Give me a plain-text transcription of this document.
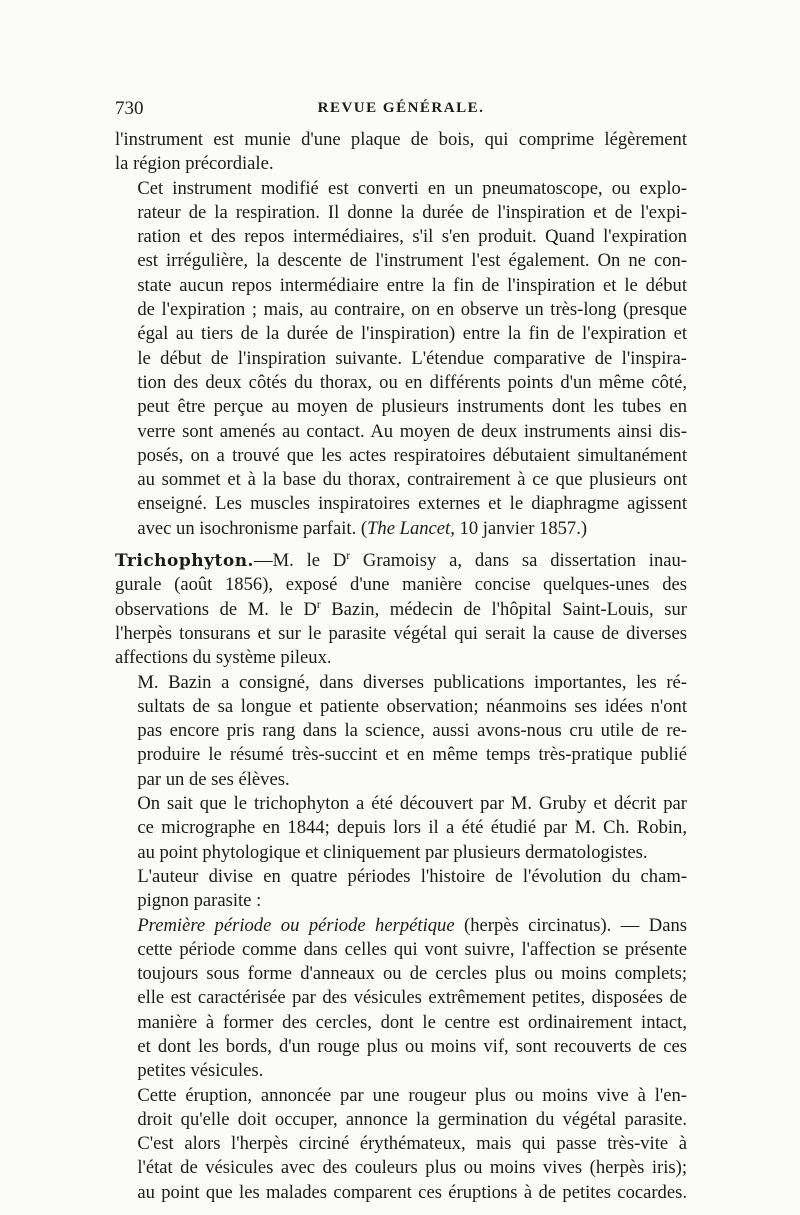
730	REVUE GÉNÉRALE.

l'instrument est munie d'une plaque de bois, qui comprime légèrement
la région précordiale.

Cet instrument modifié est converti en un pneumatoscope, ou explo-
rateur de la respiration. Il donne la durée de l'inspiration et de l'expi-
ration et des repos intermédiaires, s'il s'en produit. Quand l'expiration
est irrégulière, la descente de l'instrument l'est également. On ne con-
state aucun repos intermédiaire entre la fin de l'inspiration et le début
de l'expiration ; mais, au contraire, on en observe un très-long (presque
égal au tiers de la durée de l'inspiration) entre la fin de l'expiration et
le début de l'inspiration suivante. L'étendue comparative de l'inspira-
tion des deux côtés du thorax, ou en différents points d'un même côté,
peut être perçue au moyen de plusieurs instruments dont les tubes en
verre sont amenés au contact. Au moyen de deux instruments ainsi dis-
posés, on a trouvé que les actes respiratoires débutaient simultanément
au sommet et à la base du thorax, contrairement à ce que plusieurs ont
enseigné. Les muscles inspiratoires externes et le diaphragme agissent
avec un isochronisme parfait. (The Lancet, 10 janvier 1857.)

Trichophyton.—M. le $D^r$ Gramoisy a, dans sa dissertation inau-
gurale (août 1856), exposé d'une manière concise quelques-unes des
observations de M. le $D^r$ Bazin, médecin de l'hôpital Saint-Louis, sur
l'herpès tonsurans et sur le parasite végétal qui serait la cause de diverses
affections du système pileux.

M. Bazin a consigné, dans diverses publications importantes, les ré-
sultats de sa longue et patiente observation; néanmoins ses idées n'ont
pas encore pris rang dans la science, aussi avons-nous cru utile de re-
produire le résumé très-succint et en même temps très-pratique publié
par un de ses élèves.

On sait que le trichophyton a été découvert par M. Gruby et décrit par
ce micrographe en 1844; depuis lors il a été étudié par M. Ch. Robin,
au point phytologique et cliniquement par plusieurs dermatologistes.

L'auteur divise en quatre périodes l'histoire de l'évolution du cham-
pignon parasite :

Première période ou période herpétique (herpès circinatus). — Dans
cette période comme dans celles qui vont suivre, l'affection se présente
toujours sous forme d'anneaux ou de cercles plus ou moins complets;
elle est caractérisée par des vésicules extrêmement petites, disposées de
manière à former des cercles, dont le centre est ordinairement intact,
et dont les bords, d'un rouge plus ou moins vif, sont recouverts de ces
petites vésicules.

Cette éruption, annoncée par une rougeur plus ou moins vive à l'en-
droit qu'elle doit occuper, annonce la germination du végétal parasite.
C'est alors l'herpès circiné érythémateux, mais qui passe très-vite à
l'état de vésicules avec des couleurs plus ou moins vives (herpès iris);
au point que les malades comparent ces éruptions à de petites cocardes.
